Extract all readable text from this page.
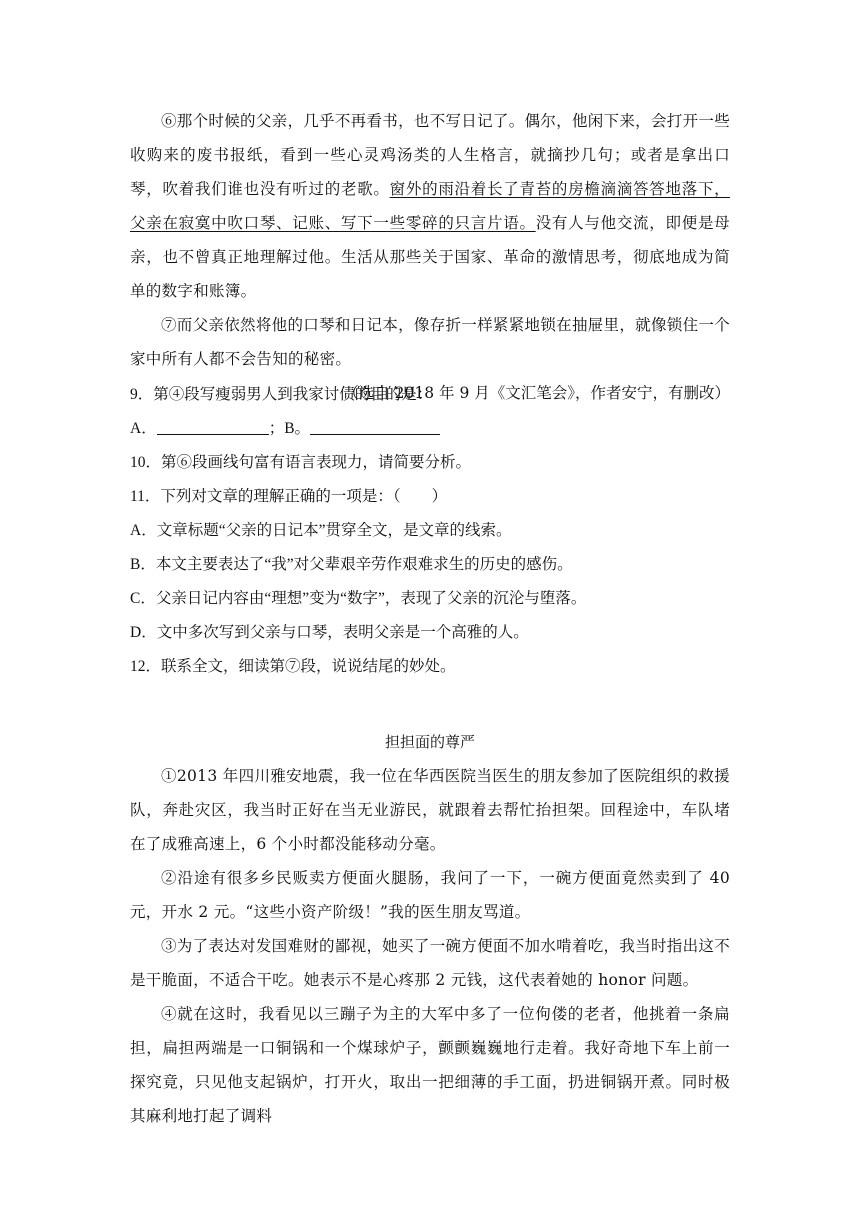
⑥那个时候的父亲，几乎不再看书，也不写日记了。偶尔，他闲下来，会打开一些收购来的废书报纸，看到一些心灵鸡汤类的人生格言，就摘抄几句；或者是拿出口琴，吹着我们谁也没有听过的老歌。窗外的雨沿着长了青苔的房檐滴滴答答地落下，父亲在寂寞中吹口琴、记账、写下一些零碎的只言片语。没有人与他交流，即便是母亲，也不曾真正地理解过他。生活从那些关于国家、革命的激情思考，彻底地成为简单的数字和账簿。

⑦而父亲依然将他的口琴和日记本，像存折一样紧紧地锁在抽屉里，就像锁住一个家中所有人都不会告知的秘密。

（选自 2018 年 9 月《文汇笔会》，作者安宁，有删改）

9．第④段写瘦弱男人到我家讨债的目的是：

A．	；B。

10．第⑥段画线句富有语言表现力，请简要分析。

11．下列对文章的理解正确的一项是：（　　）

A．文章标题“父亲的日记本”贯穿全文，是文章的线索。

B．本文主要表达了“我”对父辈艰辛劳作艰难求生的历史的感伤。

C．父亲日记内容由“理想”变为“数字”，表现了父亲的沉沦与堕落。

D．文中多次写到父亲与口琴，表明父亲是一个高雅的人。

12．联系全文，细读第⑦段，说说结尾的妙处。

担担面的尊严

①2013 年四川雅安地震，我一位在华西医院当医生的朋友参加了医院组织的救援队，奔赴灾区，我当时正好在当无业游民，就跟着去帮忙抬担架。回程途中，车队堵在了成雅高速上，6 个小时都没能移动分毫。

②沿途有很多乡民贩卖方便面火腿肠，我问了一下，一碗方便面竟然卖到了 40 元，开水 2 元。“这些小资产阶级！”我的医生朋友骂道。

③为了表达对发国难财的鄙视，她买了一碗方便面不加水啃着吃，我当时指出这不是干脆面，不适合干吃。她表示不是心疼那 2 元钱，这代表着她的 honor 问题。

④就在这时，我看见以三蹦子为主的大军中多了一位佝偻的老者，他挑着一条扁担，扁担两端是一口铜锅和一个煤球炉子，颤颤巍巍地行走着。我好奇地下车上前一探究竟，只见他支起锅炉，打开火，取出一把细薄的手工面，扔进铜锅开煮。同时极其麻利地打起了调料
